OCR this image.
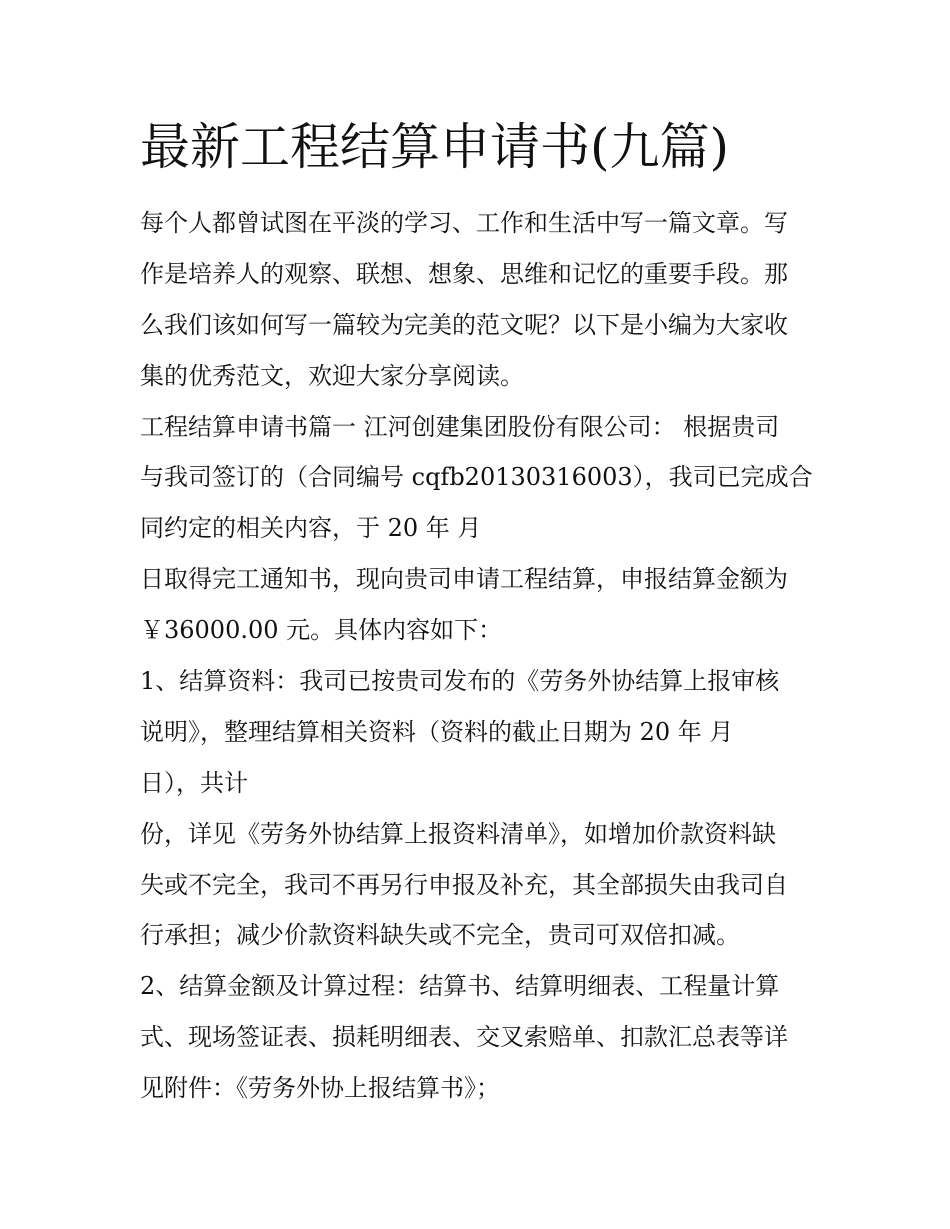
最新工程结算申请书(九篇)
每个人都曾试图在平淡的学习、工作和生活中写一篇文章。写
作是培养人的观察、联想、想象、思维和记忆的重要手段。那
么我们该如何写一篇较为完美的范文呢？以下是小编为大家收
集的优秀范文，欢迎大家分享阅读。
工程结算申请书篇一 江河创建集团股份有限公司： 根据贵司
与我司签订的（合同编号 cqfb20130316003），我司已完成合
同约定的相关内容，于 20 年 月
日取得完工通知书，现向贵司申请工程结算，申报结算金额为
￥36000.00 元。具体内容如下：
1、结算资料：我司已按贵司发布的《劳务外协结算上报审核
说明》，整理结算相关资料（资料的截止日期为 20 年 月
日），共计
份，详见《劳务外协结算上报资料清单》，如增加价款资料缺
失或不完全，我司不再另行申报及补充，其全部损失由我司自
行承担；减少价款资料缺失或不完全，贵司可双倍扣减。
2、结算金额及计算过程：结算书、结算明细表、工程量计算
式、现场签证表、损耗明细表、交叉索赔单、扣款汇总表等详
见附件：《劳务外协上报结算书》；
